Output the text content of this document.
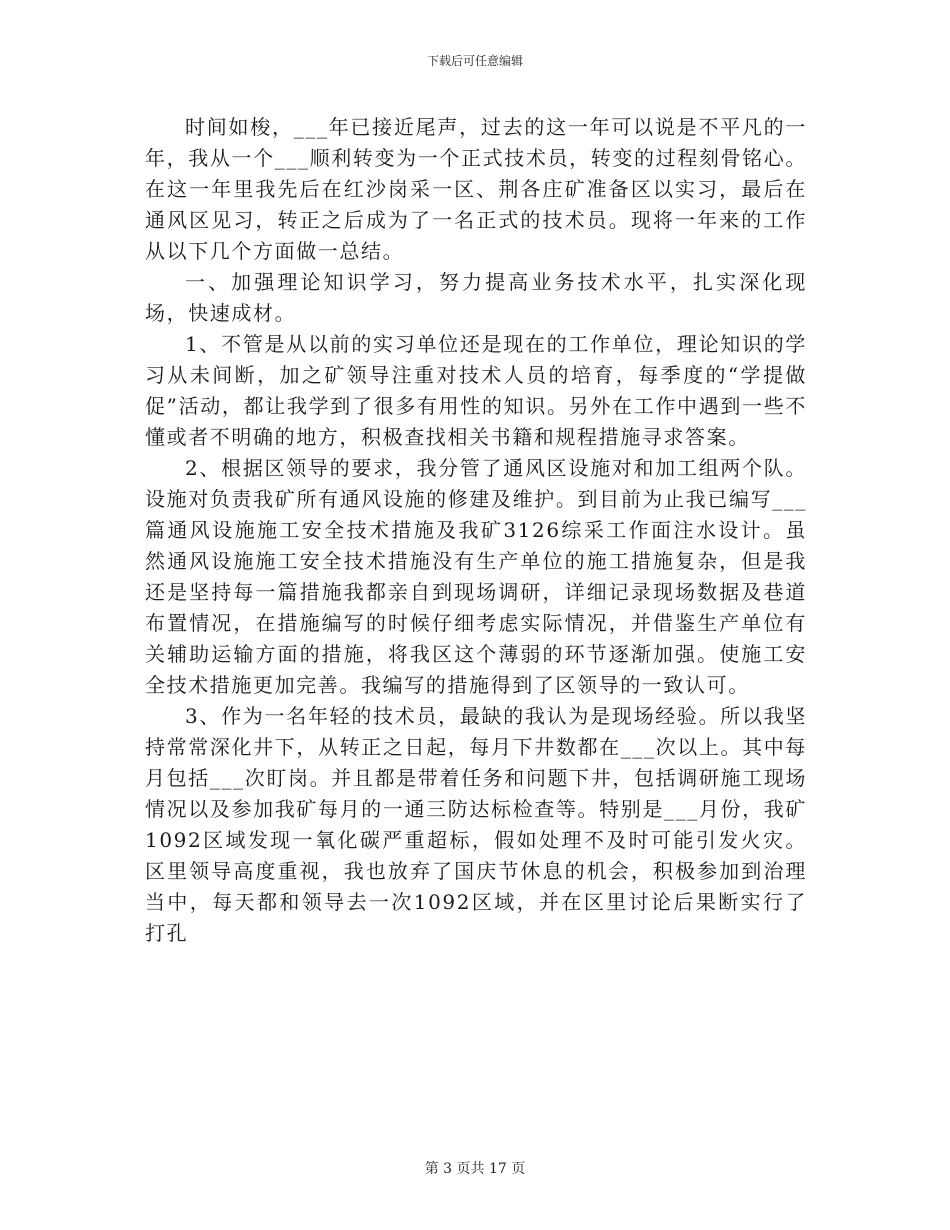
下载后可任意编辑

时间如梭，___年已接近尾声，过去的这一年可以说是不平凡的一年，我从一个___顺利转变为一个正式技术员，转变的过程刻骨铭心。在这一年里我先后在红沙岗采一区、荆各庄矿准备区以实习，最后在通风区见习，转正之后成为了一名正式的技术员。现将一年来的工作从以下几个方面做一总结。

一、加强理论知识学习，努力提高业务技术水平，扎实深化现场，快速成材。

1、不管是从以前的实习单位还是现在的工作单位，理论知识的学习从未间断，加之矿领导注重对技术人员的培育，每季度的“学提做促”活动，都让我学到了很多有用性的知识。另外在工作中遇到一些不懂或者不明确的地方，积极查找相关书籍和规程措施寻求答案。

2、根据区领导的要求，我分管了通风区设施对和加工组两个队。设施对负责我矿所有通风设施的修建及维护。到目前为止我已编写___篇通风设施施工安全技术措施及我矿3126综采工作面注水设计。虽然通风设施施工安全技术措施没有生产单位的施工措施复杂，但是我还是坚持每一篇措施我都亲自到现场调研，详细记录现场数据及巷道布置情况，在措施编写的时候仔细考虑实际情况，并借鉴生产单位有关辅助运输方面的措施，将我区这个薄弱的环节逐渐加强。使施工安全技术措施更加完善。我编写的措施得到了区领导的一致认可。

3、作为一名年轻的技术员，最缺的我认为是现场经验。所以我坚持常常深化井下，从转正之日起，每月下井数都在___次以上。其中每月包括___次盯岗。并且都是带着任务和问题下井，包括调研施工现场情况以及参加我矿每月的一通三防达标检查等。特别是___月份，我矿1092区域发现一氧化碳严重超标，假如处理不及时可能引发火灾。区里领导高度重视，我也放弃了国庆节休息的机会，积极参加到治理当中，每天都和领导去一次1092区域，并在区里讨论后果断实行了打孔

第 3 页共 17 页
